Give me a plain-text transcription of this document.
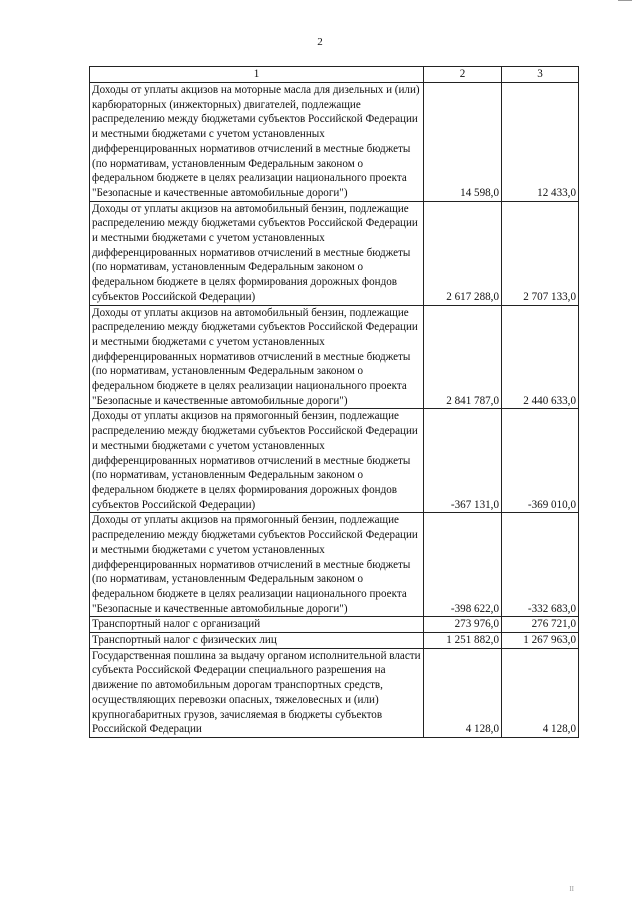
2
1	2	3
Доходы от уплаты акцизов на моторные масла для дизельных и (или) карбюраторных (инжекторных) двигателей, подлежащие распределению между бюджетами субъектов Российской Федерации и местными бюджетами с учетом установленных дифференцированных нормативов отчислений в местные бюджеты (по нормативам, установленным Федеральным законом о федеральном бюджете в целях реализации национального проекта "Безопасные и качественные автомобильные дороги")	14 598,0	12 433,0
Доходы от уплаты акцизов на автомобильный бензин, подлежащие распределению между бюджетами субъектов Российской Федерации и местными бюджетами с учетом установленных дифференцированных нормативов отчислений в местные бюджеты (по нормативам, установленным Федеральным законом о федеральном бюджете в целях формирования дорожных фондов субъектов Российской Федерации)	2 617 288,0	2 707 133,0
Доходы от уплаты акцизов на автомобильный бензин, подлежащие распределению между бюджетами субъектов Российской Федерации и местными бюджетами с учетом установленных дифференцированных нормативов отчислений в местные бюджеты (по нормативам, установленным Федеральным законом о федеральном бюджете в целях реализации национального проекта "Безопасные и качественные автомобильные дороги")	2 841 787,0	2 440 633,0
Доходы от уплаты акцизов на прямогонный бензин, подлежащие распределению между бюджетами субъектов Российской Федерации и местными бюджетами с учетом установленных дифференцированных нормативов отчислений в местные бюджеты (по нормативам, установленным Федеральным законом о федеральном бюджете в целях формирования дорожных фондов субъектов Российской Федерации)	-367 131,0	-369 010,0
Доходы от уплаты акцизов на прямогонный бензин, подлежащие распределению между бюджетами субъектов Российской Федерации и местными бюджетами с учетом установленных дифференцированных нормативов отчислений в местные бюджеты (по нормативам, установленным Федеральным законом о федеральном бюджете в целях реализации национального проекта "Безопасные и качественные автомобильные дороги")	-398 622,0	-332 683,0
Транспортный налог с организаций	273 976,0	276 721,0
Транспортный налог с физических лиц	1 251 882,0	1 267 963,0
Государственная пошлина за выдачу органом исполнительной власти субъекта Российской Федерации специального разрешения на движение по автомобильным дорогам транспортных средств, осуществляющих перевозки опасных, тяжеловесных и (или) крупногабаритных грузов, зачисляемая в бюджеты субъектов Российской Федерации	4 128,0	4 128,0
II
